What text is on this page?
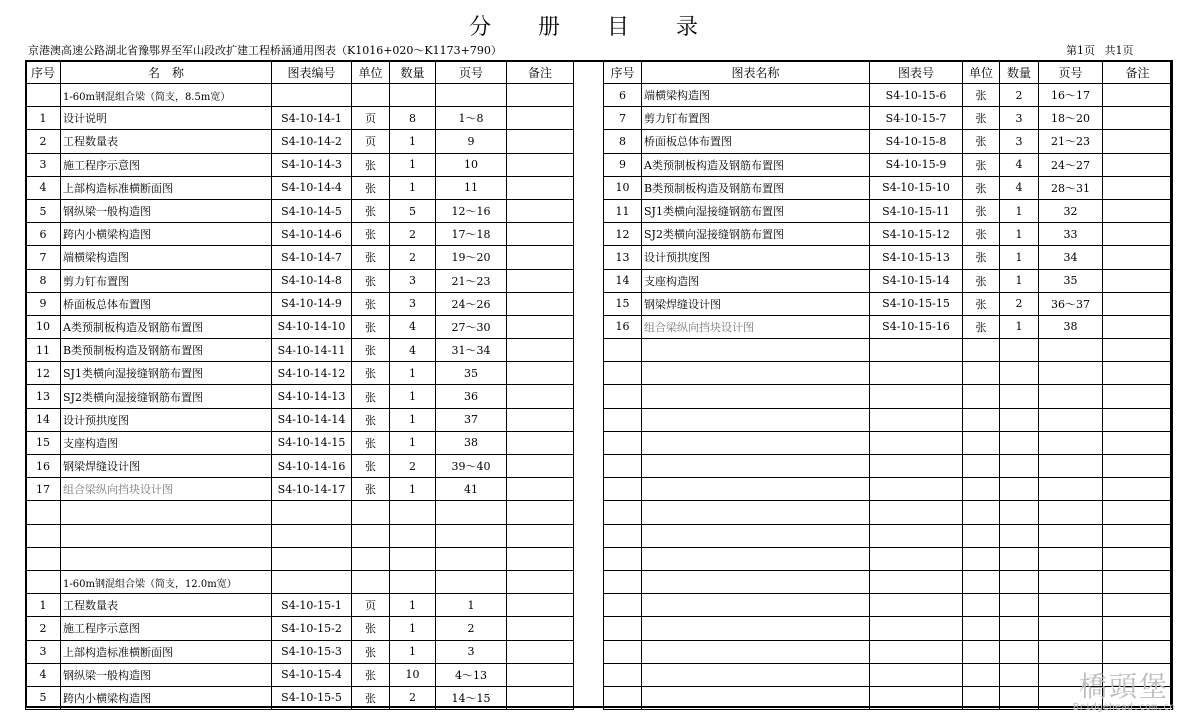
分 册 目 录
京港澳高速公路湖北省豫鄂界至军山段改扩建工程桥涵通用图表（K1016+020～K1173+790）	第1页 共1页
序号	名　称	图表编号	单位	数量	页号	备注
	1-60m钢混组合梁（简支，8.5m宽）					
1	设计说明	S4-10-14-1	页	8	1～8	
2	工程数量表	S4-10-14-2	页	1	9	
3	施工程序示意图	S4-10-14-3	张	1	10	
4	上部构造标准横断面图	S4-10-14-4	张	1	11	
5	钢纵梁一般构造图	S4-10-14-5	张	5	12～16	
6	跨内小横梁构造图	S4-10-14-6	张	2	17～18	
7	端横梁构造图	S4-10-14-7	张	2	19～20	
8	剪力钉布置图	S4-10-14-8	张	3	21～23	
9	桥面板总体布置图	S4-10-14-9	张	3	24～26	
10	A类预制板构造及钢筋布置图	S4-10-14-10	张	4	27～30	
11	B类预制板构造及钢筋布置图	S4-10-14-11	张	4	31～34	
12	SJ1类横向湿接缝钢筋布置图	S4-10-14-12	张	1	35	
13	SJ2类横向湿接缝钢筋布置图	S4-10-14-13	张	1	36	
14	设计预拱度图	S4-10-14-14	张	1	37	
15	支座构造图	S4-10-14-15	张	1	38	
16	钢梁焊缝设计图	S4-10-14-16	张	2	39～40	
17	组合梁纵向挡块设计图	S4-10-14-17	张	1	41	

	1-60m钢混组合梁（简支，12.0m宽）					
1	工程数量表	S4-10-15-1	页	1	1	
2	施工程序示意图	S4-10-15-2	张	1	2	
3	上部构造标准横断面图	S4-10-15-3	张	1	3	
4	钢纵梁一般构造图	S4-10-15-4	张	10	4～13	
5	跨内小横梁构造图	S4-10-15-5	张	2	14～15	
序号	图表名称	图表号	单位	数量	页号	备注
6	端横梁构造图	S4-10-15-6	张	2	16～17	
7	剪力钉布置图	S4-10-15-7	张	3	18～20	
8	桥面板总体布置图	S4-10-15-8	张	3	21～23	
9	A类预制板构造及钢筋布置图	S4-10-15-9	张	4	24～27	
10	B类预制板构造及钢筋布置图	S4-10-15-10	张	4	28～31	
11	SJ1类横向湿接缝钢筋布置图	S4-10-15-11	张	1	32	
12	SJ2类横向湿接缝钢筋布置图	S4-10-15-12	张	1	33	
13	设计预拱度图	S4-10-15-13	张	1	34	
14	支座构造图	S4-10-15-14	张	1	35	
15	钢梁焊缝设计图	S4-10-15-15	张	2	36～37	
16	组合梁纵向挡块设计图	S4-10-15-16	张	1	38	

橋頭堡
Bridgehead.com.cn
